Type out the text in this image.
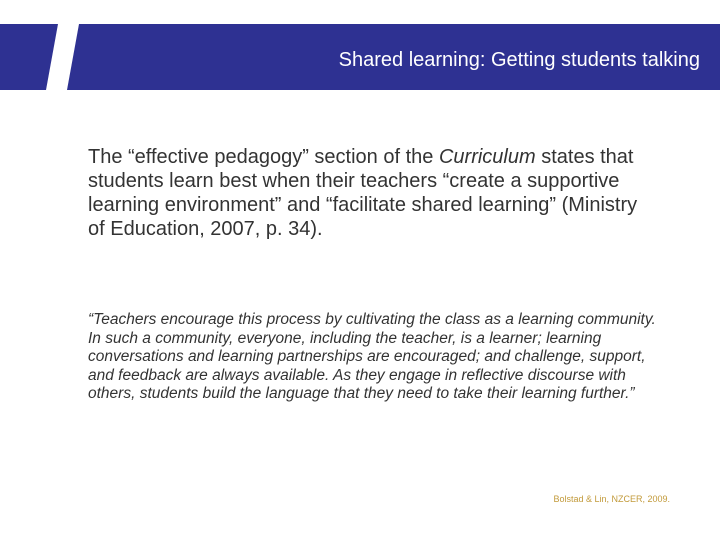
Shared learning: Getting students talking
The “effective pedagogy” section of the Curriculum states that students learn best when their teachers “create a supportive learning environment” and “facilitate shared learning” (Ministry of Education, 2007, p. 34).
“Teachers encourage this process by cultivating the class as a learning community. In such a community, everyone, including the teacher, is a learner; learning conversations and learning partnerships are encouraged; and challenge, support, and feedback are always available. As they engage in reflective discourse with others, students build the language that they need to take their learning further.”
Bolstad & Lin, NZCER, 2009.
